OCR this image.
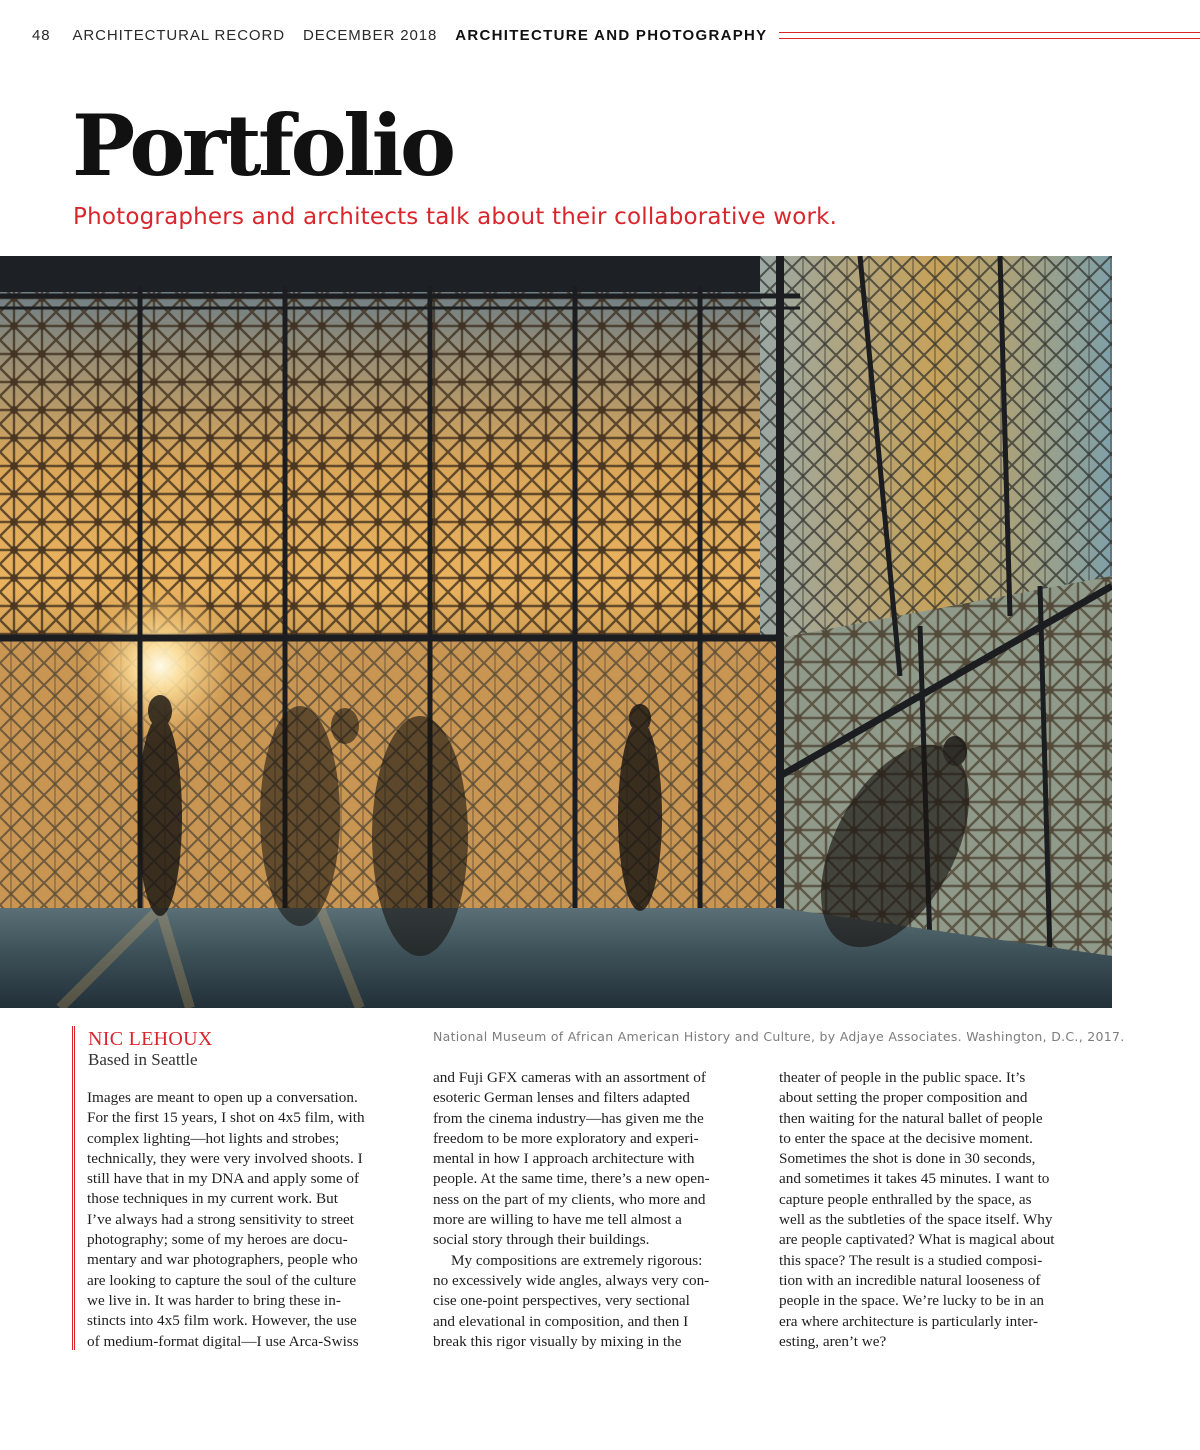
48 ARCHITECTURAL RECORD DECEMBER 2018 ARCHITECTURE AND PHOTOGRAPHY
Portfolio

Photographers and architects talk about their collaborative work.

NIC LEHOUX
Based in Seattle
National Museum of African American History and Culture, by Adjaye Associates. Washington, D.C., 2017.
Images are meant to open up a conversation.
For the first 15 years, I shot on 4x5 film, with
complex lighting—hot lights and strobes;
technically, they were very involved shoots. I
still have that in my DNA and apply some of
those techniques in my current work. But
I’ve always had a strong sensitivity to street
photography; some of my heroes are docu-
mentary and war photographers, people who
are looking to capture the soul of the culture
we live in. It was harder to bring these in-
stincts into 4x5 film work. However, the use
of medium-format digital—I use Arca-Swiss
and Fuji GFX cameras with an assortment of
esoteric German lenses and filters adapted
from the cinema industry—has given me the
freedom to be more exploratory and experi-
mental in how I approach architecture with
people. At the same time, there’s a new open-
ness on the part of my clients, who more and
more are willing to have me tell almost a
social story through their buildings.
My compositions are extremely rigorous:
no excessively wide angles, always very con-
cise one-point perspectives, very sectional
and elevational in composition, and then I
break this rigor visually by mixing in the
theater of people in the public space. It’s
about setting the proper composition and
then waiting for the natural ballet of people
to enter the space at the decisive moment.
Sometimes the shot is done in 30 seconds,
and sometimes it takes 45 minutes. I want to
capture people enthralled by the space, as
well as the subtleties of the space itself. Why
are people captivated? What is magical about
this space? The result is a studied composi-
tion with an incredible natural looseness of
people in the space. We’re lucky to be in an
era where architecture is particularly inter-
esting, aren’t we?
